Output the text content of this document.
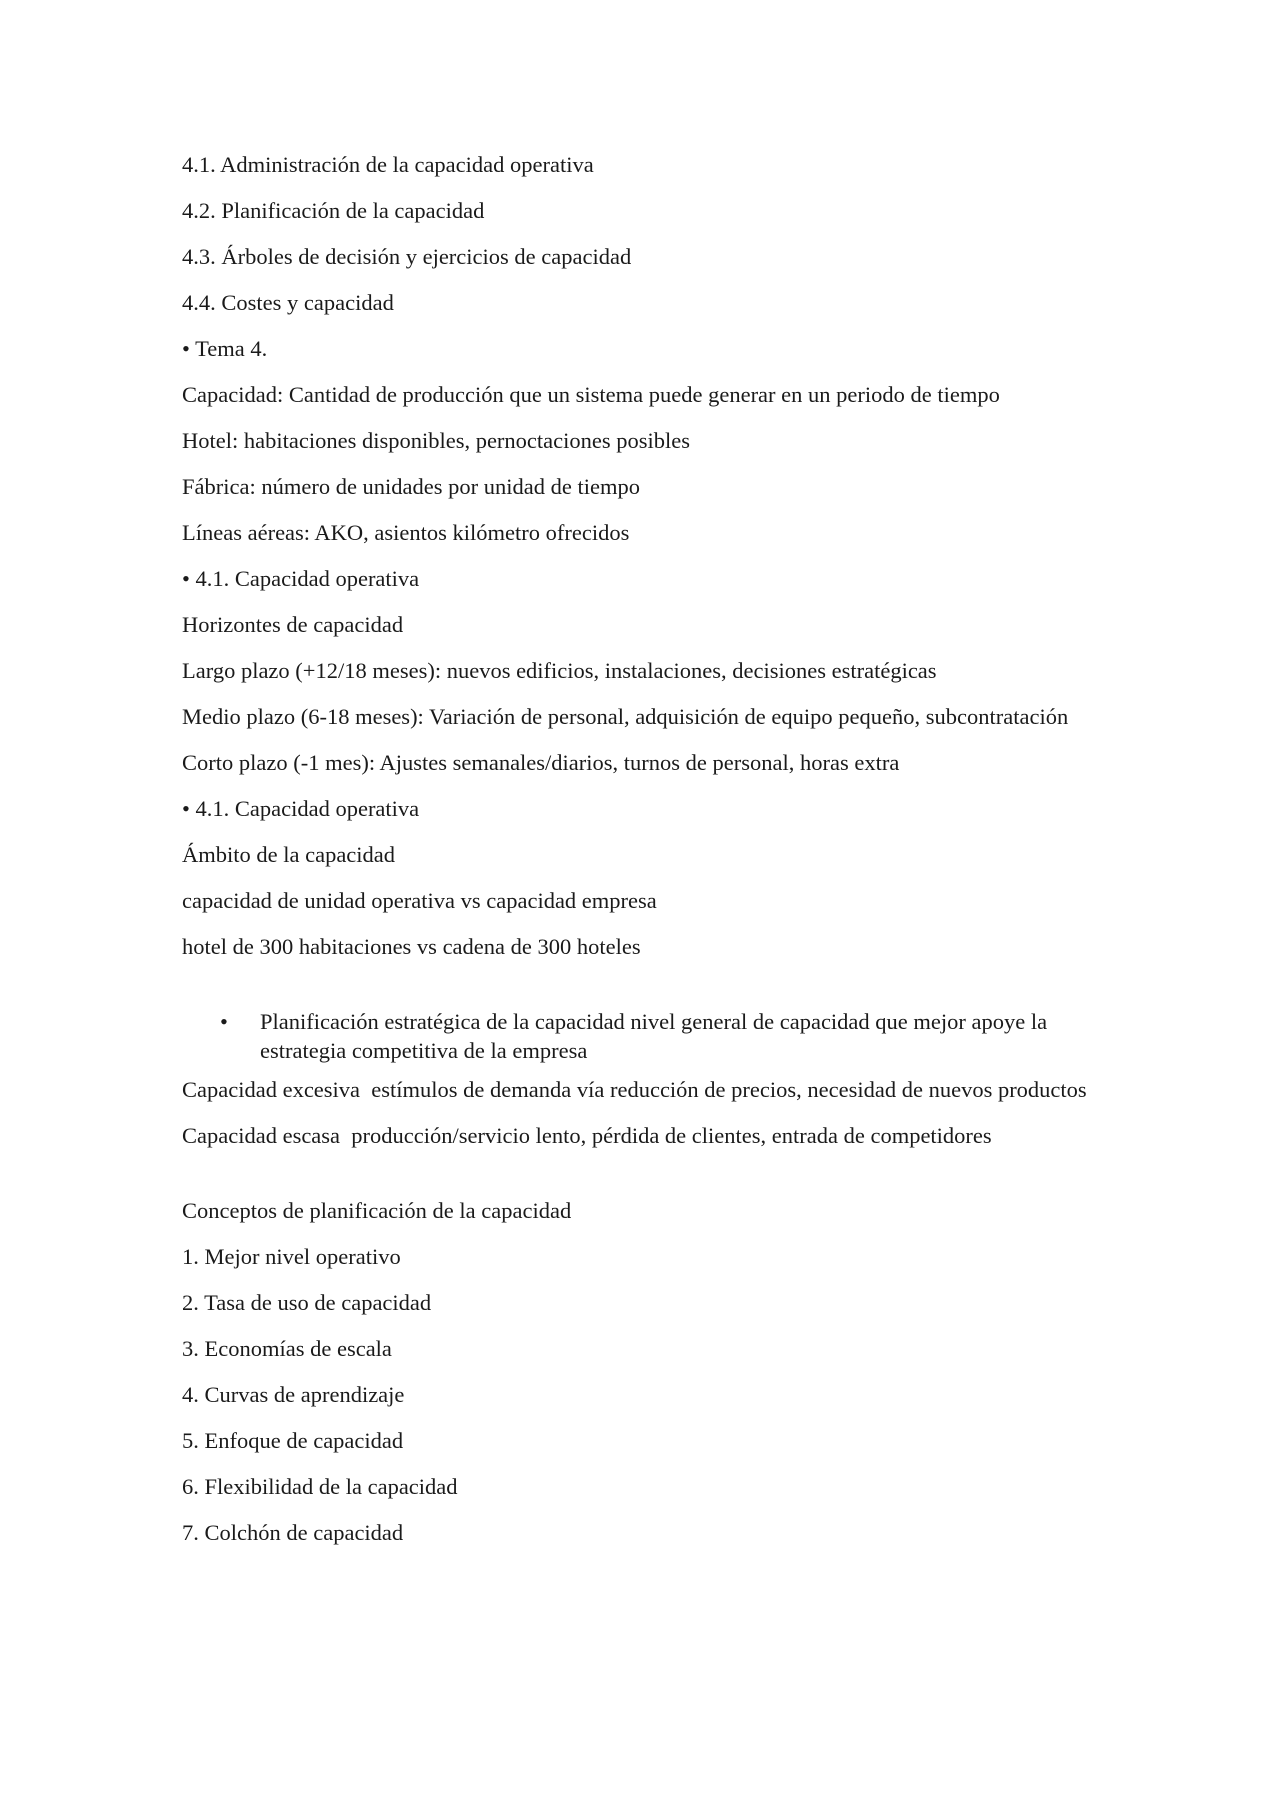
4.1. Administración de la capacidad operativa

4.2. Planificación de la capacidad

4.3. Árboles de decisión y ejercicios de capacidad

4.4. Costes y capacidad

• Tema 4.

Capacidad: Cantidad de producción que un sistema puede generar en un periodo de tiempo

Hotel: habitaciones disponibles, pernoctaciones posibles

Fábrica: número de unidades por unidad de tiempo

Líneas aéreas: AKO, asientos kilómetro ofrecidos

• 4.1. Capacidad operativa

Horizontes de capacidad

Largo plazo (+12/18 meses): nuevos edificios, instalaciones, decisiones estratégicas

Medio plazo (6-18 meses): Variación de personal, adquisición de equipo pequeño, subcontratación

Corto plazo (-1 mes): Ajustes semanales/diarios, turnos de personal, horas extra

• 4.1. Capacidad operativa

Ámbito de la capacidad

capacidad de unidad operativa vs capacidad empresa

hotel de 300 habitaciones vs cadena de 300 hoteles

• Planificación estratégica de la capacidad nivel general de capacidad que mejor apoye la estrategia competitiva de la empresa

Capacidad excesiva  estímulos de demanda vía reducción de precios, necesidad de nuevos productos

Capacidad escasa  producción/servicio lento, pérdida de clientes, entrada de competidores

Conceptos de planificación de la capacidad

1. Mejor nivel operativo

2. Tasa de uso de capacidad

3. Economías de escala

4. Curvas de aprendizaje

5. Enfoque de capacidad

6. Flexibilidad de la capacidad

7. Colchón de capacidad
